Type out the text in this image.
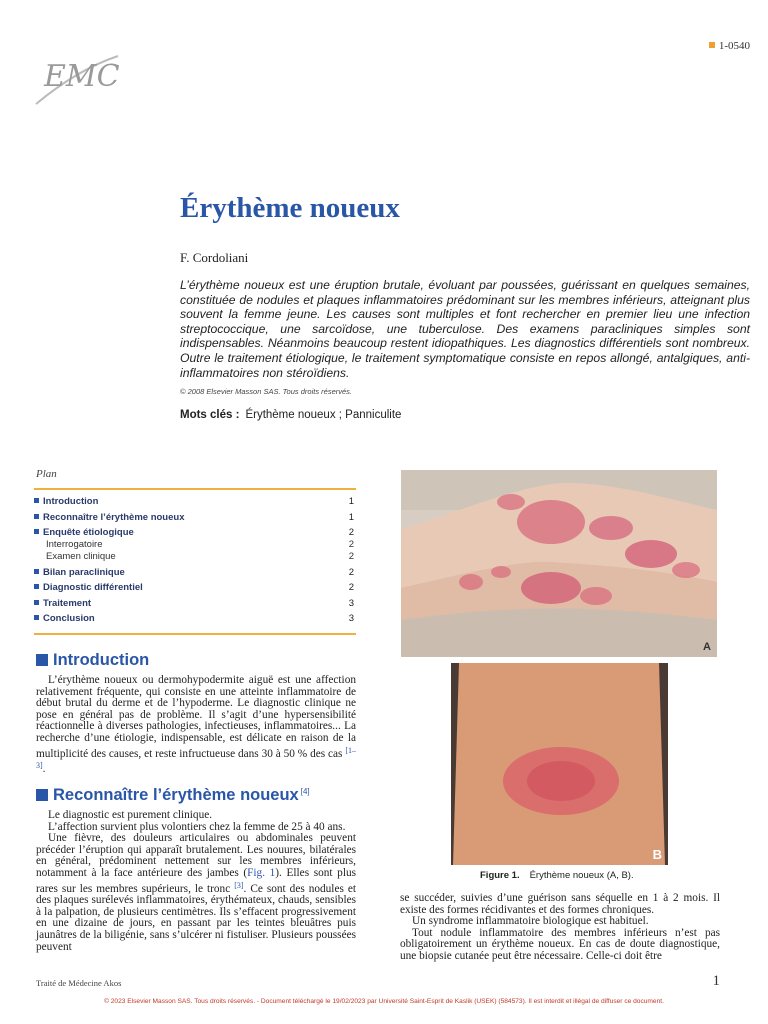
EMC
1-0540
Érythème noueux
F. Cordoliani
L’érythème noueux est une éruption brutale, évoluant par poussées, guérissant en quelques semaines, constituée de nodules et plaques inflammatoires prédominant sur les membres inférieurs, atteignant plus souvent la femme jeune. Les causes sont multiples et font rechercher en premier lieu une infection streptococcique, une sarcoïdose, une tuberculose. Des examens paracliniques simples sont indispensables. Néanmoins beaucoup restent idiopathiques. Les diagnostics différentiels sont nombreux. Outre le traitement étiologique, le traitement symptomatique consiste en repos allongé, antalgiques, anti-inflammatoires non stéroïdiens.
© 2008 Elsevier Masson SAS. Tous droits réservés.
Mots clés : Érythème noueux ; Panniculite
Plan
Introduction	1
Reconnaître l’érythème noueux	1
Enquête étiologique	2
Interrogatoire	2
Examen clinique	2
Bilan paraclinique	2
Diagnostic différentiel	2
Traitement	3
Conclusion	3
Introduction

L’érythème noueux ou dermohypodermite aiguë est une affection relativement fréquente, qui consiste en une atteinte inflammatoire de début brutal du derme et de l’hypoderme. Le diagnostic clinique ne pose en général pas de problème. Il s’agit d’une hypersensibilité réactionnelle à diverses pathologies, infectieuses, inflammatoires... La recherche d’une étiologie, indispensable, est délicate en raison de la multiplicité des causes, et reste infructueuse dans 30 à 50 % des cas [1–3].

Reconnaître l’érythème noueux [4]

Le diagnostic est purement clinique.

L’affection survient plus volontiers chez la femme de 25 à 40 ans.

Une fièvre, des douleurs articulaires ou abdominales peuvent précéder l’éruption qui apparaît brutalement. Les nouures, bilatérales en général, prédominent nettement sur les membres inférieurs, notamment à la face antérieure des jambes (Fig. 1). Elles sont plus rares sur les membres supérieurs, le tronc [3]. Ce sont des nodules et des plaques surélevés inflammatoires, érythémateux, chauds, sensibles à la palpation, de plusieurs centimètres. Ils s’effacent progressivement en une dizaine de jours, en passant par les teintes bleuâtres puis jaunâtres de la biligénie, sans s’ulcérer ni fistuliser. Plusieurs poussées peuvent

A
B
Figure 1. Érythème noueux (A, B).

se succéder, suivies d’une guérison sans séquelle en 1 à 2 mois. Il existe des formes récidivantes et des formes chroniques.

Un syndrome inflammatoire biologique est habituel.

Tout nodule inflammatoire des membres inférieurs n’est pas obligatoirement un érythème noueux. En cas de doute diagnostique, une biopsie cutanée peut être nécessaire. Celle-ci doit être

Traité de Médecine Akos	1
© 2023 Elsevier Masson SAS. Tous droits réservés. - Document téléchargé le 19/02/2023 par Université Saint-Esprit de Kaslik (USEK) (584573). Il est interdit et illégal de diffuser ce document.
